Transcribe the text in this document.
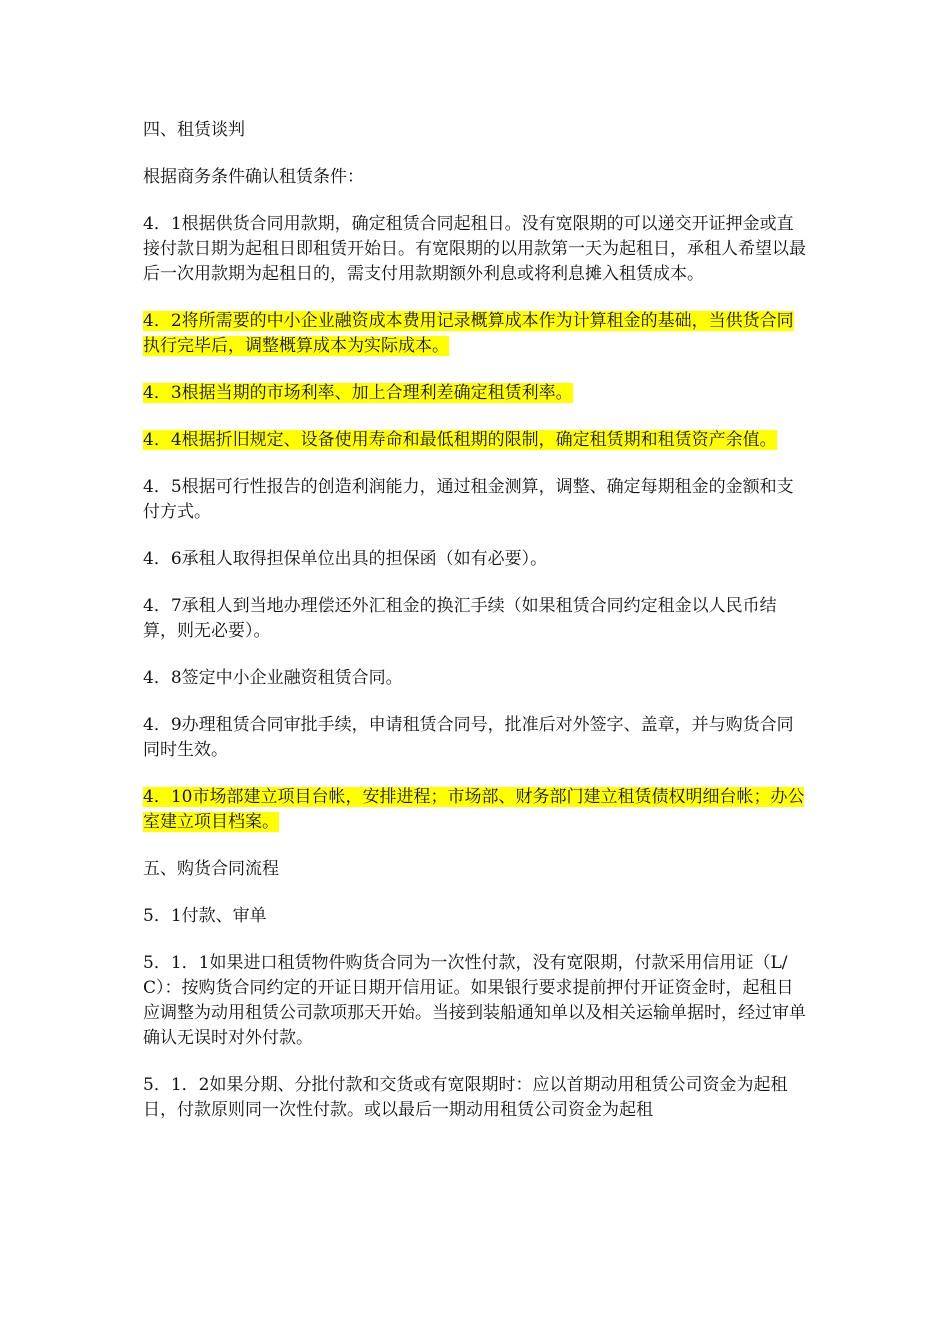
四、租赁谈判

根据商务条件确认租赁条件：

4．1根据供货合同用款期，确定租赁合同起租日。没有宽限期的可以递交开证押金或直接付款日期为起租日即租赁开始日。有宽限期的以用款第一天为起租日，承租人希望以最后一次用款期为起租日的，需支付用款期额外利息或将利息摊入租赁成本。

4．2将所需要的中小企业融资成本费用记录概算成本作为计算租金的基础，当供货合同执行完毕后，调整概算成本为实际成本。

4．3根据当期的市场利率、加上合理利差确定租赁利率。

4．4根据折旧规定、设备使用寿命和最低租期的限制，确定租赁期和租赁资产余值。

4．5根据可行性报告的创造利润能力，通过租金测算，调整、确定每期租金的金额和支付方式。

4．6承租人取得担保单位出具的担保函（如有必要）。

4．7承租人到当地办理偿还外汇租金的换汇手续（如果租赁合同约定租金以人民币结算，则无必要）。

4．8签定中小企业融资租赁合同。

4．9办理租赁合同审批手续，申请租赁合同号，批准后对外签字、盖章，并与购货合同同时生效。

4．10市场部建立项目台帐，安排进程；市场部、财务部门建立租赁债权明细台帐；办公室建立项目档案。

五、购货合同流程

5．1付款、审单

5．1．1如果进口租赁物件购货合同为一次性付款，没有宽限期，付款采用信用证（L/C）：按购货合同约定的开证日期开信用证。如果银行要求提前押付开证资金时，起租日应调整为动用租赁公司款项那天开始。当接到装船通知单以及相关运输单据时，经过审单确认无误时对外付款。

5．1．2如果分期、分批付款和交货或有宽限期时：应以首期动用租赁公司资金为起租日，付款原则同一次性付款。或以最后一期动用租赁公司资金为起租
